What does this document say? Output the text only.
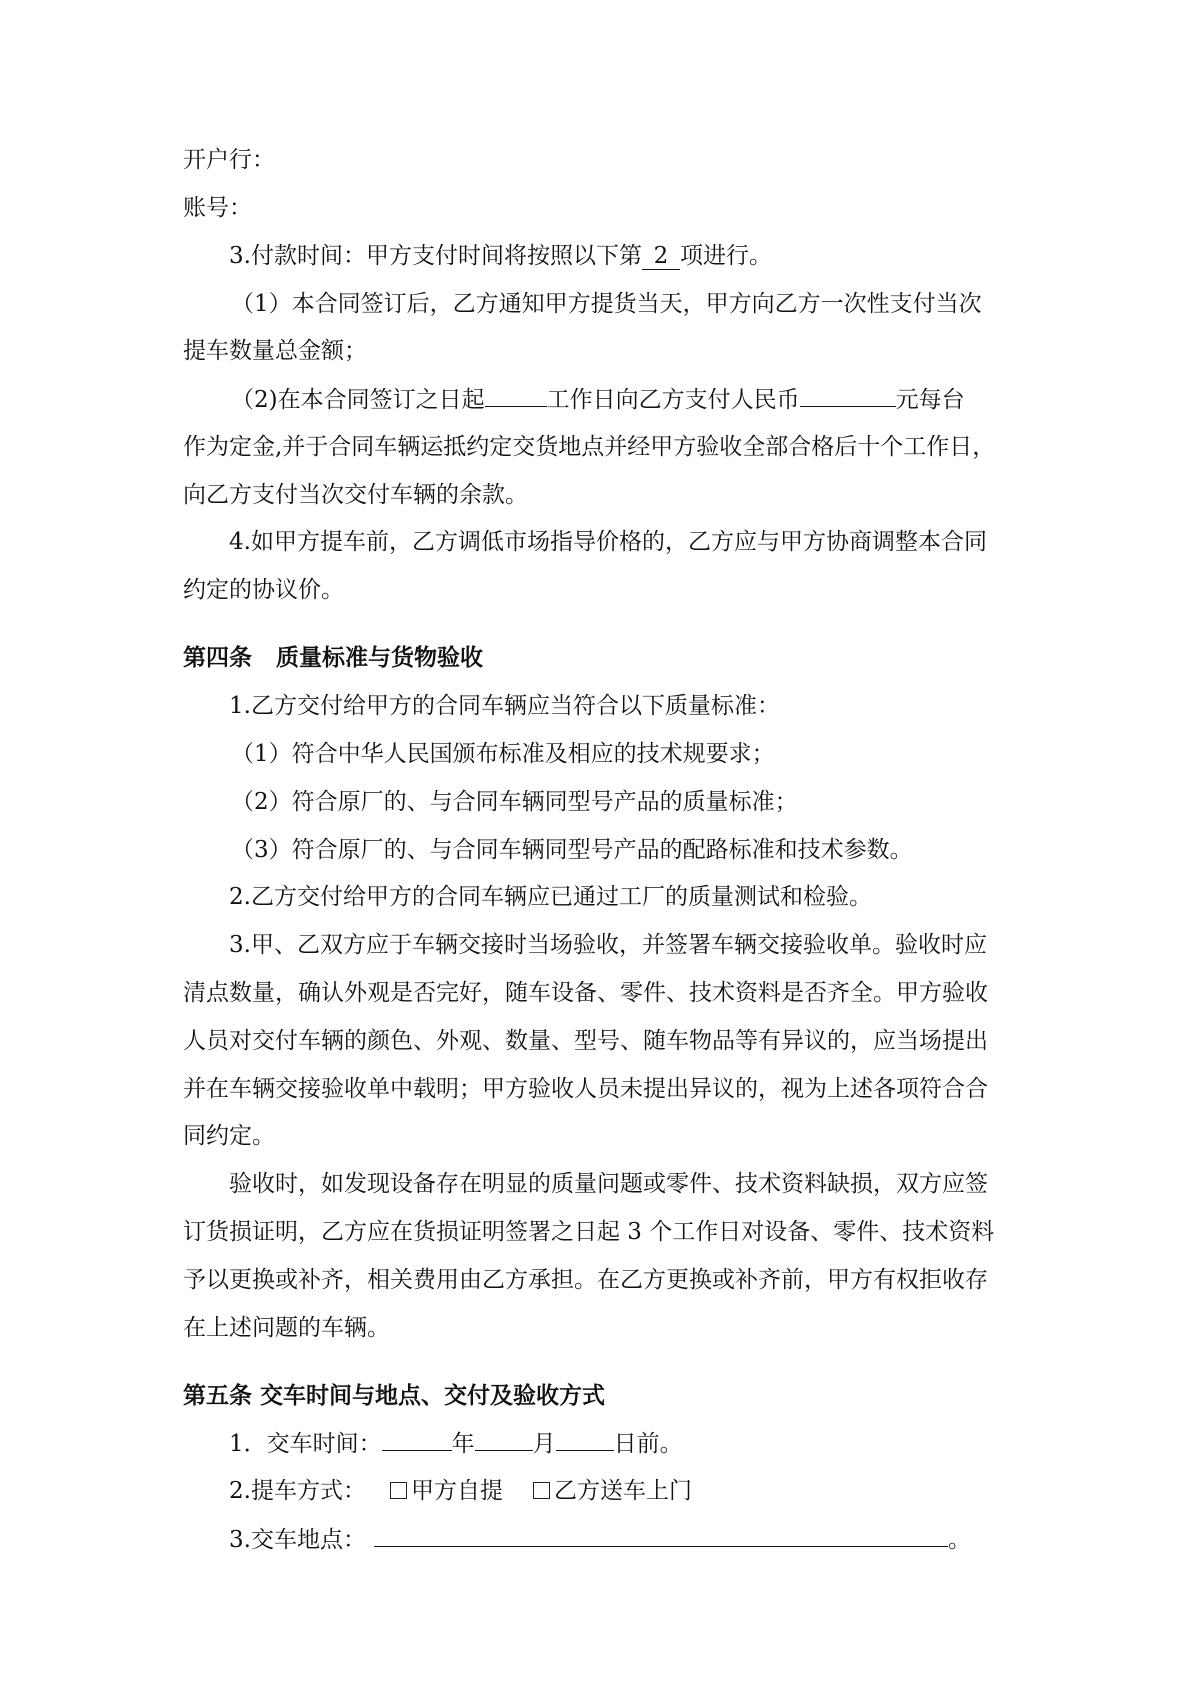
开户行：
账号：
3.付款时间：甲方支付时间将按照以下第 2 项进行。
（1）本合同签订后，乙方通知甲方提货当天，甲方向乙方一次性支付当次
提车数量总金额；
（2)在本合同签订之日起	工作日向乙方支付人民币	元每台
作为定金,并于合同车辆运抵约定交货地点并经甲方验收全部合格后十个工作日，
向乙方支付当次交付车辆的余款。
4.如甲方提车前，乙方调低市场指导价格的，乙方应与甲方协商调整本合同
约定的协议价。
第四条 质量标准与货物验收
1.乙方交付给甲方的合同车辆应当符合以下质量标准：
（1）符合中华人民国颁布标准及相应的技术规要求；
（2）符合原厂的、与合同车辆同型号产品的质量标准；
（3）符合原厂的、与合同车辆同型号产品的配路标准和技术参数。
2.乙方交付给甲方的合同车辆应已通过工厂的质量测试和检验。
3.甲、乙双方应于车辆交接时当场验收，并签署车辆交接验收单。验收时应
清点数量，确认外观是否完好，随车设备、零件、技术资料是否齐全。甲方验收
人员对交付车辆的颜色、外观、数量、型号、随车物品等有异议的，应当场提出
并在车辆交接验收单中载明；甲方验收人员未提出异议的，视为上述各项符合合
同约定。
验收时，如发现设备存在明显的质量问题或零件、技术资料缺损，双方应签
订货损证明，乙方应在货损证明签署之日起 3 个工作日对设备、零件、技术资料
予以更换或补齐，相关费用由乙方承担。在乙方更换或补齐前，甲方有权拒收存
在上述问题的车辆。
第五条 交车时间与地点、交付及验收方式
1．交车时间：	年	月	日前。
2.提车方式： 甲方自提 乙方送车上门
3.交车地点：	。
